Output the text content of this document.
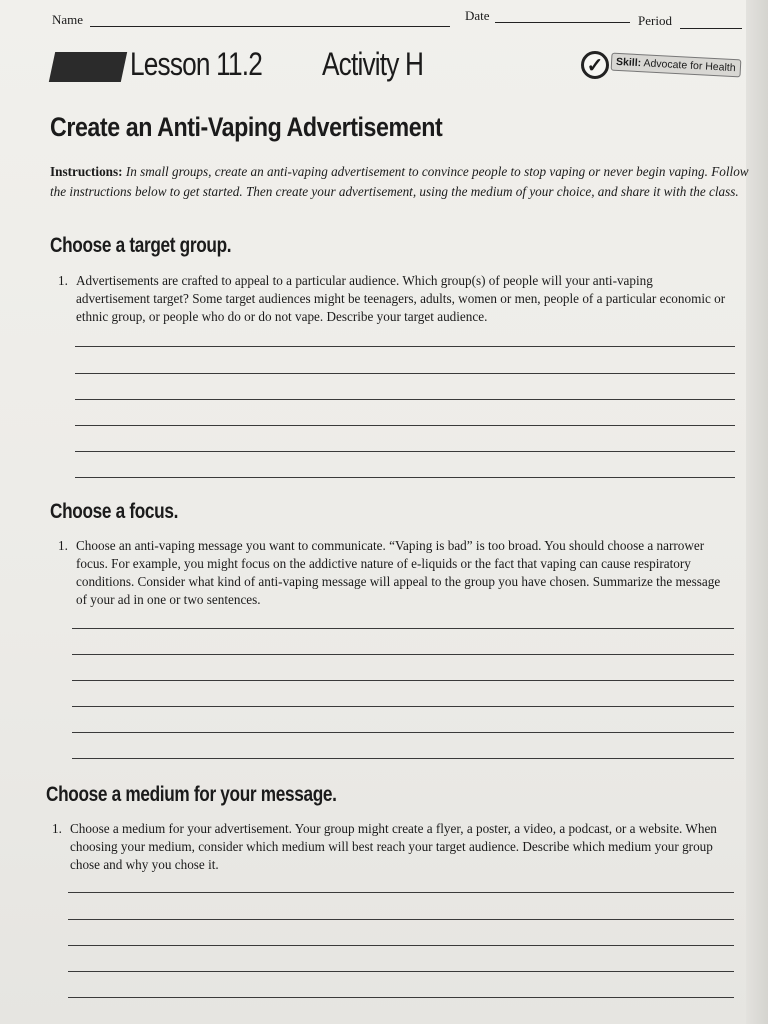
Name	Date	Period
Lesson 11.2 Activity H	✓	Skill: Advocate for Health
Create an Anti-Vaping Advertisement
Instructions: In small groups, create an anti-vaping advertisement to convince people to stop vaping or never begin vaping. Follow the instructions below to get started. Then create your advertisement, using the medium of your choice, and share it with the class.
Choose a target group.
1. Advertisements are crafted to appeal to a particular audience. Which group(s) of people will your anti-vaping advertisement target? Some target audiences might be teenagers, adults, women or men, people of a particular economic or ethnic group, or people who do or do not vape. Describe your target audience.
Choose a focus.
1. Choose an anti-vaping message you want to communicate. “Vaping is bad” is too broad. You should choose a narrower focus. For example, you might focus on the addictive nature of e-liquids or the fact that vaping can cause respiratory conditions. Consider what kind of anti-vaping message will appeal to the group you have chosen. Summarize the message of your ad in one or two sentences.
Choose a medium for your message.
1. Choose a medium for your advertisement. Your group might create a flyer, a poster, a video, a podcast, or a website. When choosing your medium, consider which medium will best reach your target audience. Describe which medium your group chose and why you chose it.
